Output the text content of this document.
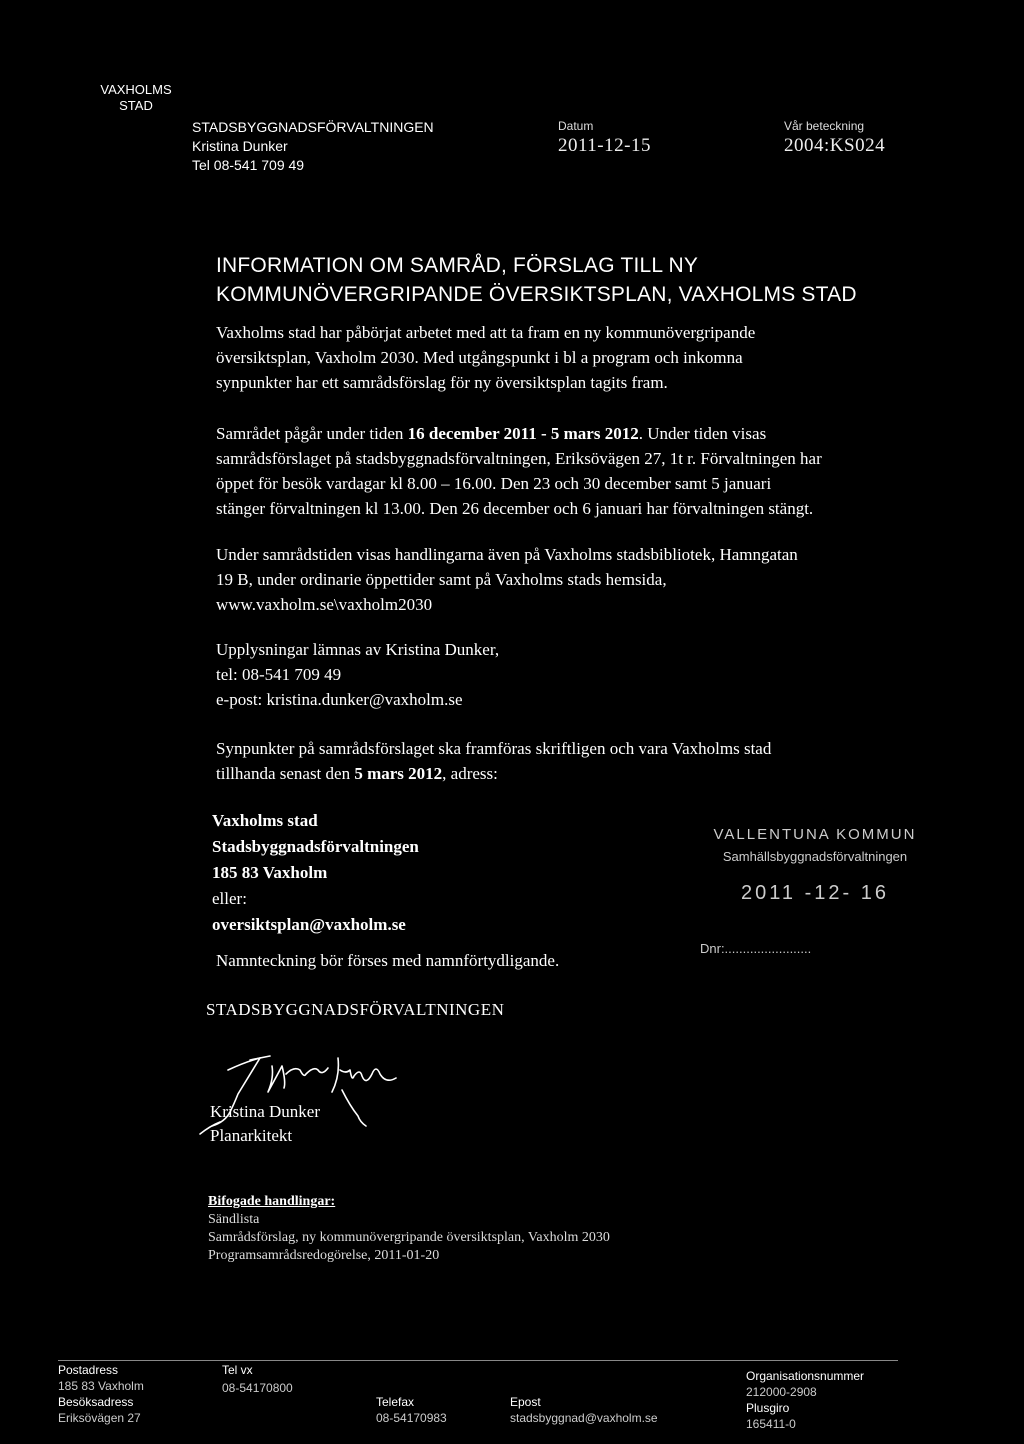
VAXHOLMS
STAD
STADSBYGGNADSFÖRVALTNINGEN
Kristina Dunker
Tel 08-541 709 49
Datum
2011-12-15
Vår beteckning
2004:KS024
INFORMATION OM SAMRÅD, FÖRSLAG TILL NY
KOMMUNÖVERGRIPANDE ÖVERSIKTSPLAN, VAXHOLMS STAD
Vaxholms stad har påbörjat arbetet med att ta fram en ny kommunövergripande
översiktsplan, Vaxholm 2030. Med utgångspunkt i bl a program och inkomna
synpunkter har ett samrådsförslag för ny översiktsplan tagits fram.
Samrådet pågår under tiden 16 december 2011 - 5 mars 2012. Under tiden visas
samrådsförslaget på stadsbyggnadsförvaltningen, Eriksövägen 27, 1t r. Förvaltningen har
öppet för besök vardagar kl 8.00 – 16.00. Den 23 och 30 december samt 5 januari
stänger förvaltningen kl 13.00. Den 26 december och 6 januari har förvaltningen stängt.
Under samrådstiden visas handlingarna även på Vaxholms stadsbibliotek, Hamngatan
19 B, under ordinarie öppettider samt på Vaxholms stads hemsida,
www.vaxholm.se\vaxholm2030
Upplysningar lämnas av Kristina Dunker,
tel: 08-541 709 49
e-post: kristina.dunker@vaxholm.se
Synpunkter på samrådsförslaget ska framföras skriftligen och vara Vaxholms stad
tillhanda senast den 5 mars 2012, adress:
Vaxholms stad
Stadsbyggnadsförvaltningen
185 83 Vaxholm
eller:
oversiktsplan@vaxholm.se
VALLENTUNA KOMMUN
Samhällsbyggnadsförvaltningen
2011 -12- 16
Dnr:........................
Namnteckning bör förses med namnförtydligande.
STADSBYGGNADSFÖRVALTNINGEN
Kristina Dunker
Planarkitekt
Bifogade handlingar:
Sändlista
Samrådsförslag, ny kommunövergripande översiktsplan, Vaxholm 2030
Programsamrådsredogörelse, 2011-01-20
Postadress
185 83 Vaxholm
Besöksadress
Eriksövägen 27
Tel vx
08-54170800
Telefax
08-54170983
Epost
stadsbyggnad@vaxholm.se
Organisationsnummer
212000-2908
Plusgiro
165411-0
